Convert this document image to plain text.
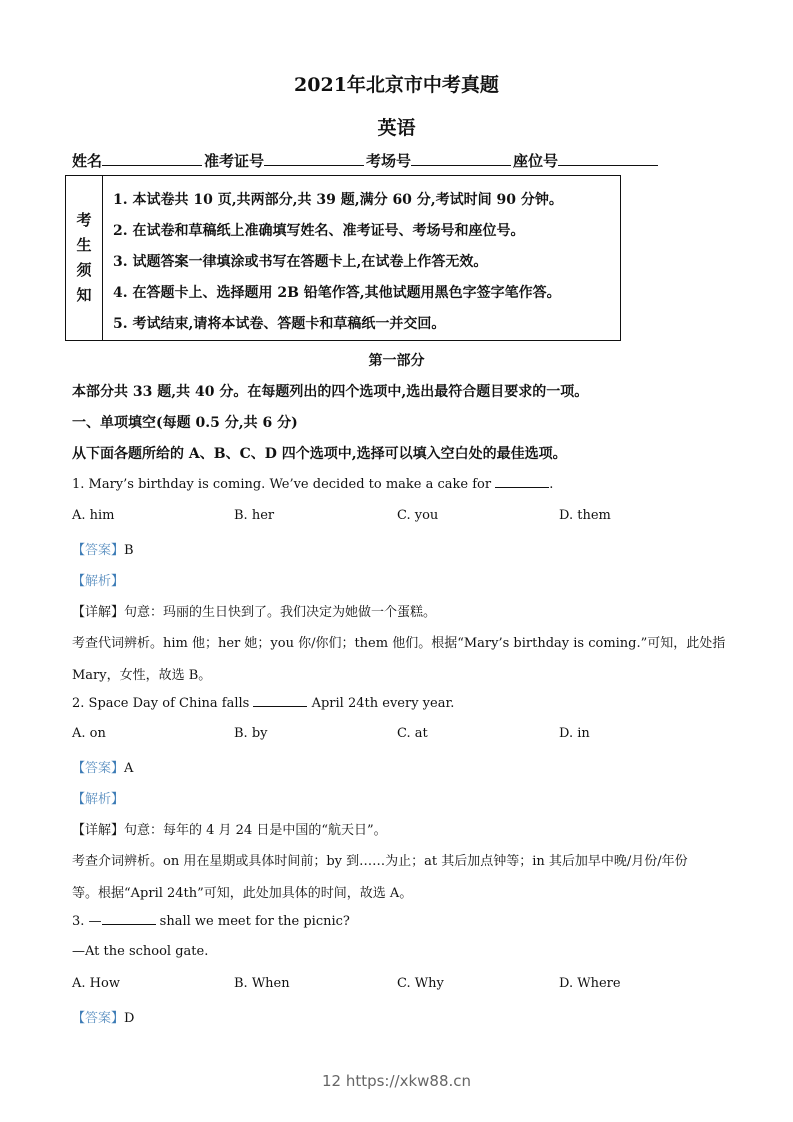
2021年北京市中考真题
英语
姓名	准考证号	考场号	座位号
考
生
须
知
1. 本试卷共 10 页,共两部分,共 39 题,满分 60 分,考试时间 90 分钟。
2. 在试卷和草稿纸上准确填写姓名、准考证号、考场号和座位号。
3. 试题答案一律填涂或书写在答题卡上,在试卷上作答无效。
4. 在答题卡上、选择题用 2B 铅笔作答,其他试题用黑色字签字笔作答。
5. 考试结束,请将本试卷、答题卡和草稿纸一并交回。
第一部分
本部分共 33 题,共 40 分。在每题列出的四个选项中,选出最符合题目要求的一项。
一、单项填空(每题 0.5 分,共 6 分)
从下面各题所给的 A、B、C、D 四个选项中,选择可以填入空白处的最佳选项。
1. Mary’s birthday is coming. We’ve decided to make a cake for	.
A. him	B. her	C. you	D. them
【答案】B
【解析】
【详解】句意：玛丽的生日快到了。我们决定为她做一个蛋糕。
考查代词辨析。him 他；her 她；you 你/你们；them 他们。根据“Mary’s birthday is coming.”可知，此处指
Mary，女性，故选 B。
2. Space Day of China falls	April 24th every year.
A. on	B. by	C. at	D. in
【答案】A
【解析】
【详解】句意：每年的 4 月 24 日是中国的“航天日”。
考查介词辨析。on 用在星期或具体时间前；by 到……为止；at 其后加点钟等；in 其后加早中晚/月份/年份
等。根据“April 24th”可知，此处加具体的时间，故选 A。
3. —	shall we meet for the picnic?
—At the school gate.
A. How	B. When	C. Why	D. Where
【答案】D
12 https://xkw88.cn
